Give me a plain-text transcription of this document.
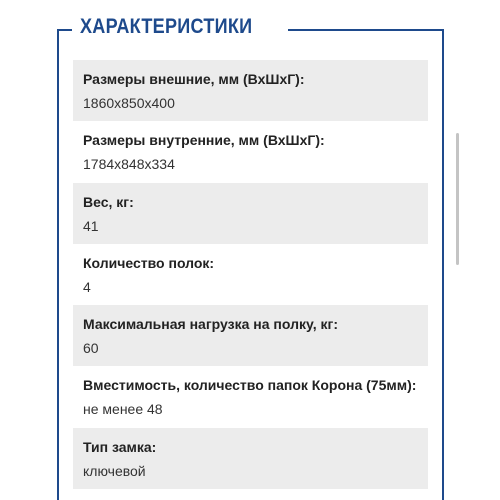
ХАРАКТЕРИСТИКИ
Размеры внешние, мм (ВхШхГ):
1860x850x400
Размеры внутренние, мм (ВхШхГ):
1784x848x334
Вес, кг:
41
Количество полок:
4
Максимальная нагрузка на полку, кг:
60
Вместимость, количество папок Корона (75мм):
не менее 48
Тип замка:
ключевой
